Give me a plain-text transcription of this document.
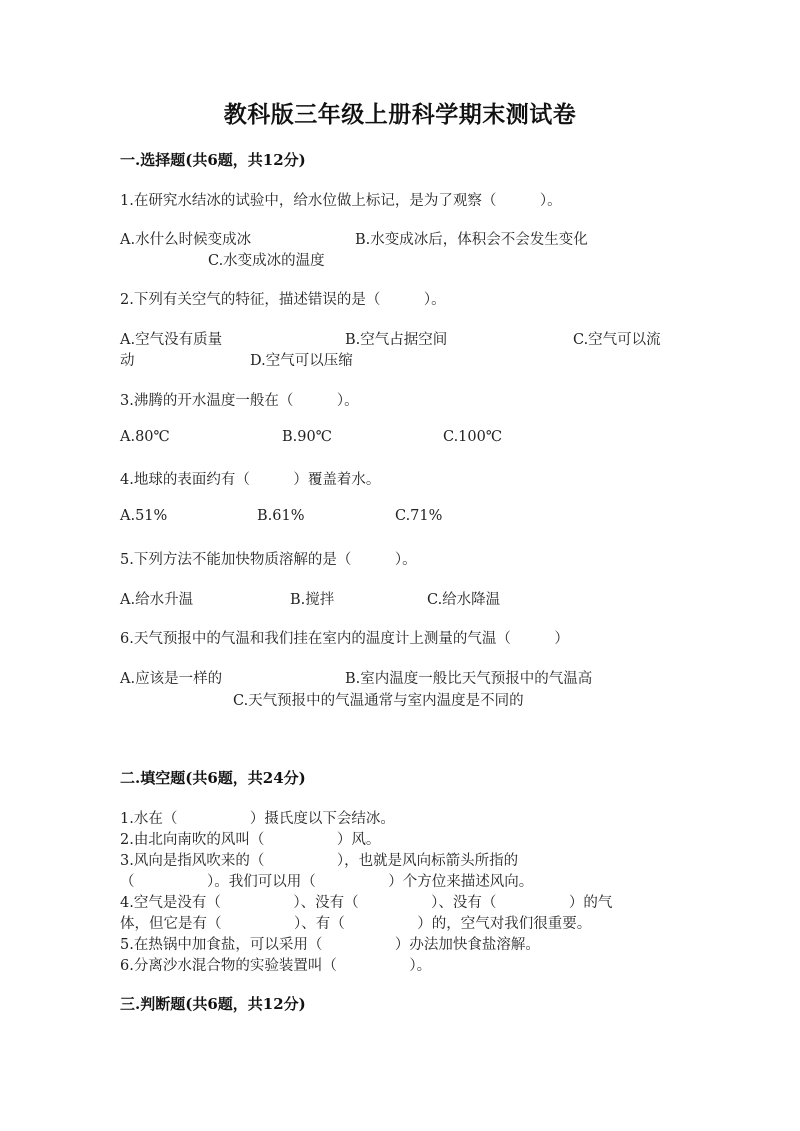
教科版三年级上册科学期末测试卷
一.选择题(共6题，共12分)
1.在研究水结冰的试验中，给水位做上标记，是为了观察（　　　）。
A.水什么时候变成冰	B.水变成冰后，体积会不会发生变化
C.水变成冰的温度
2.下列有关空气的特征，描述错误的是（　　　）。
A.空气没有质量	B.空气占据空间	C.空气可以流
动	D.空气可以压缩
3.沸腾的开水温度一般在（　　　）。
A.80℃	B.90℃	C.100℃
4.地球的表面约有（　　　）覆盖着水。
A.51%	B.61%	C.71%
5.下列方法不能加快物质溶解的是（　　　）。
A.给水升温	B.搅拌	C.给水降温
6.天气预报中的气温和我们挂在室内的温度计上测量的气温（　　　）
A.应该是一样的	B.室内温度一般比天气预报中的气温高
C.天气预报中的气温通常与室内温度是不同的
二.填空题(共6题，共24分)
1.水在（　　　　　）摄氏度以下会结冰。
2.由北向南吹的风叫（　　　　　）风。
3.风向是指风吹来的（　　　　　），也就是风向标箭头所指的
（　　　　　）。我们可以用（　　　　　）个方位来描述风向。
4.空气是没有（　　　　　）、没有（　　　　　）、没有（　　　　　）的气
体，但它是有（　　　　　）、有（　　　　　）的，空气对我们很重要。
5.在热锅中加食盐，可以采用（　　　　　）办法加快食盐溶解。
6.分离沙水混合物的实验装置叫（　　　　　）。
三.判断题(共6题，共12分)
